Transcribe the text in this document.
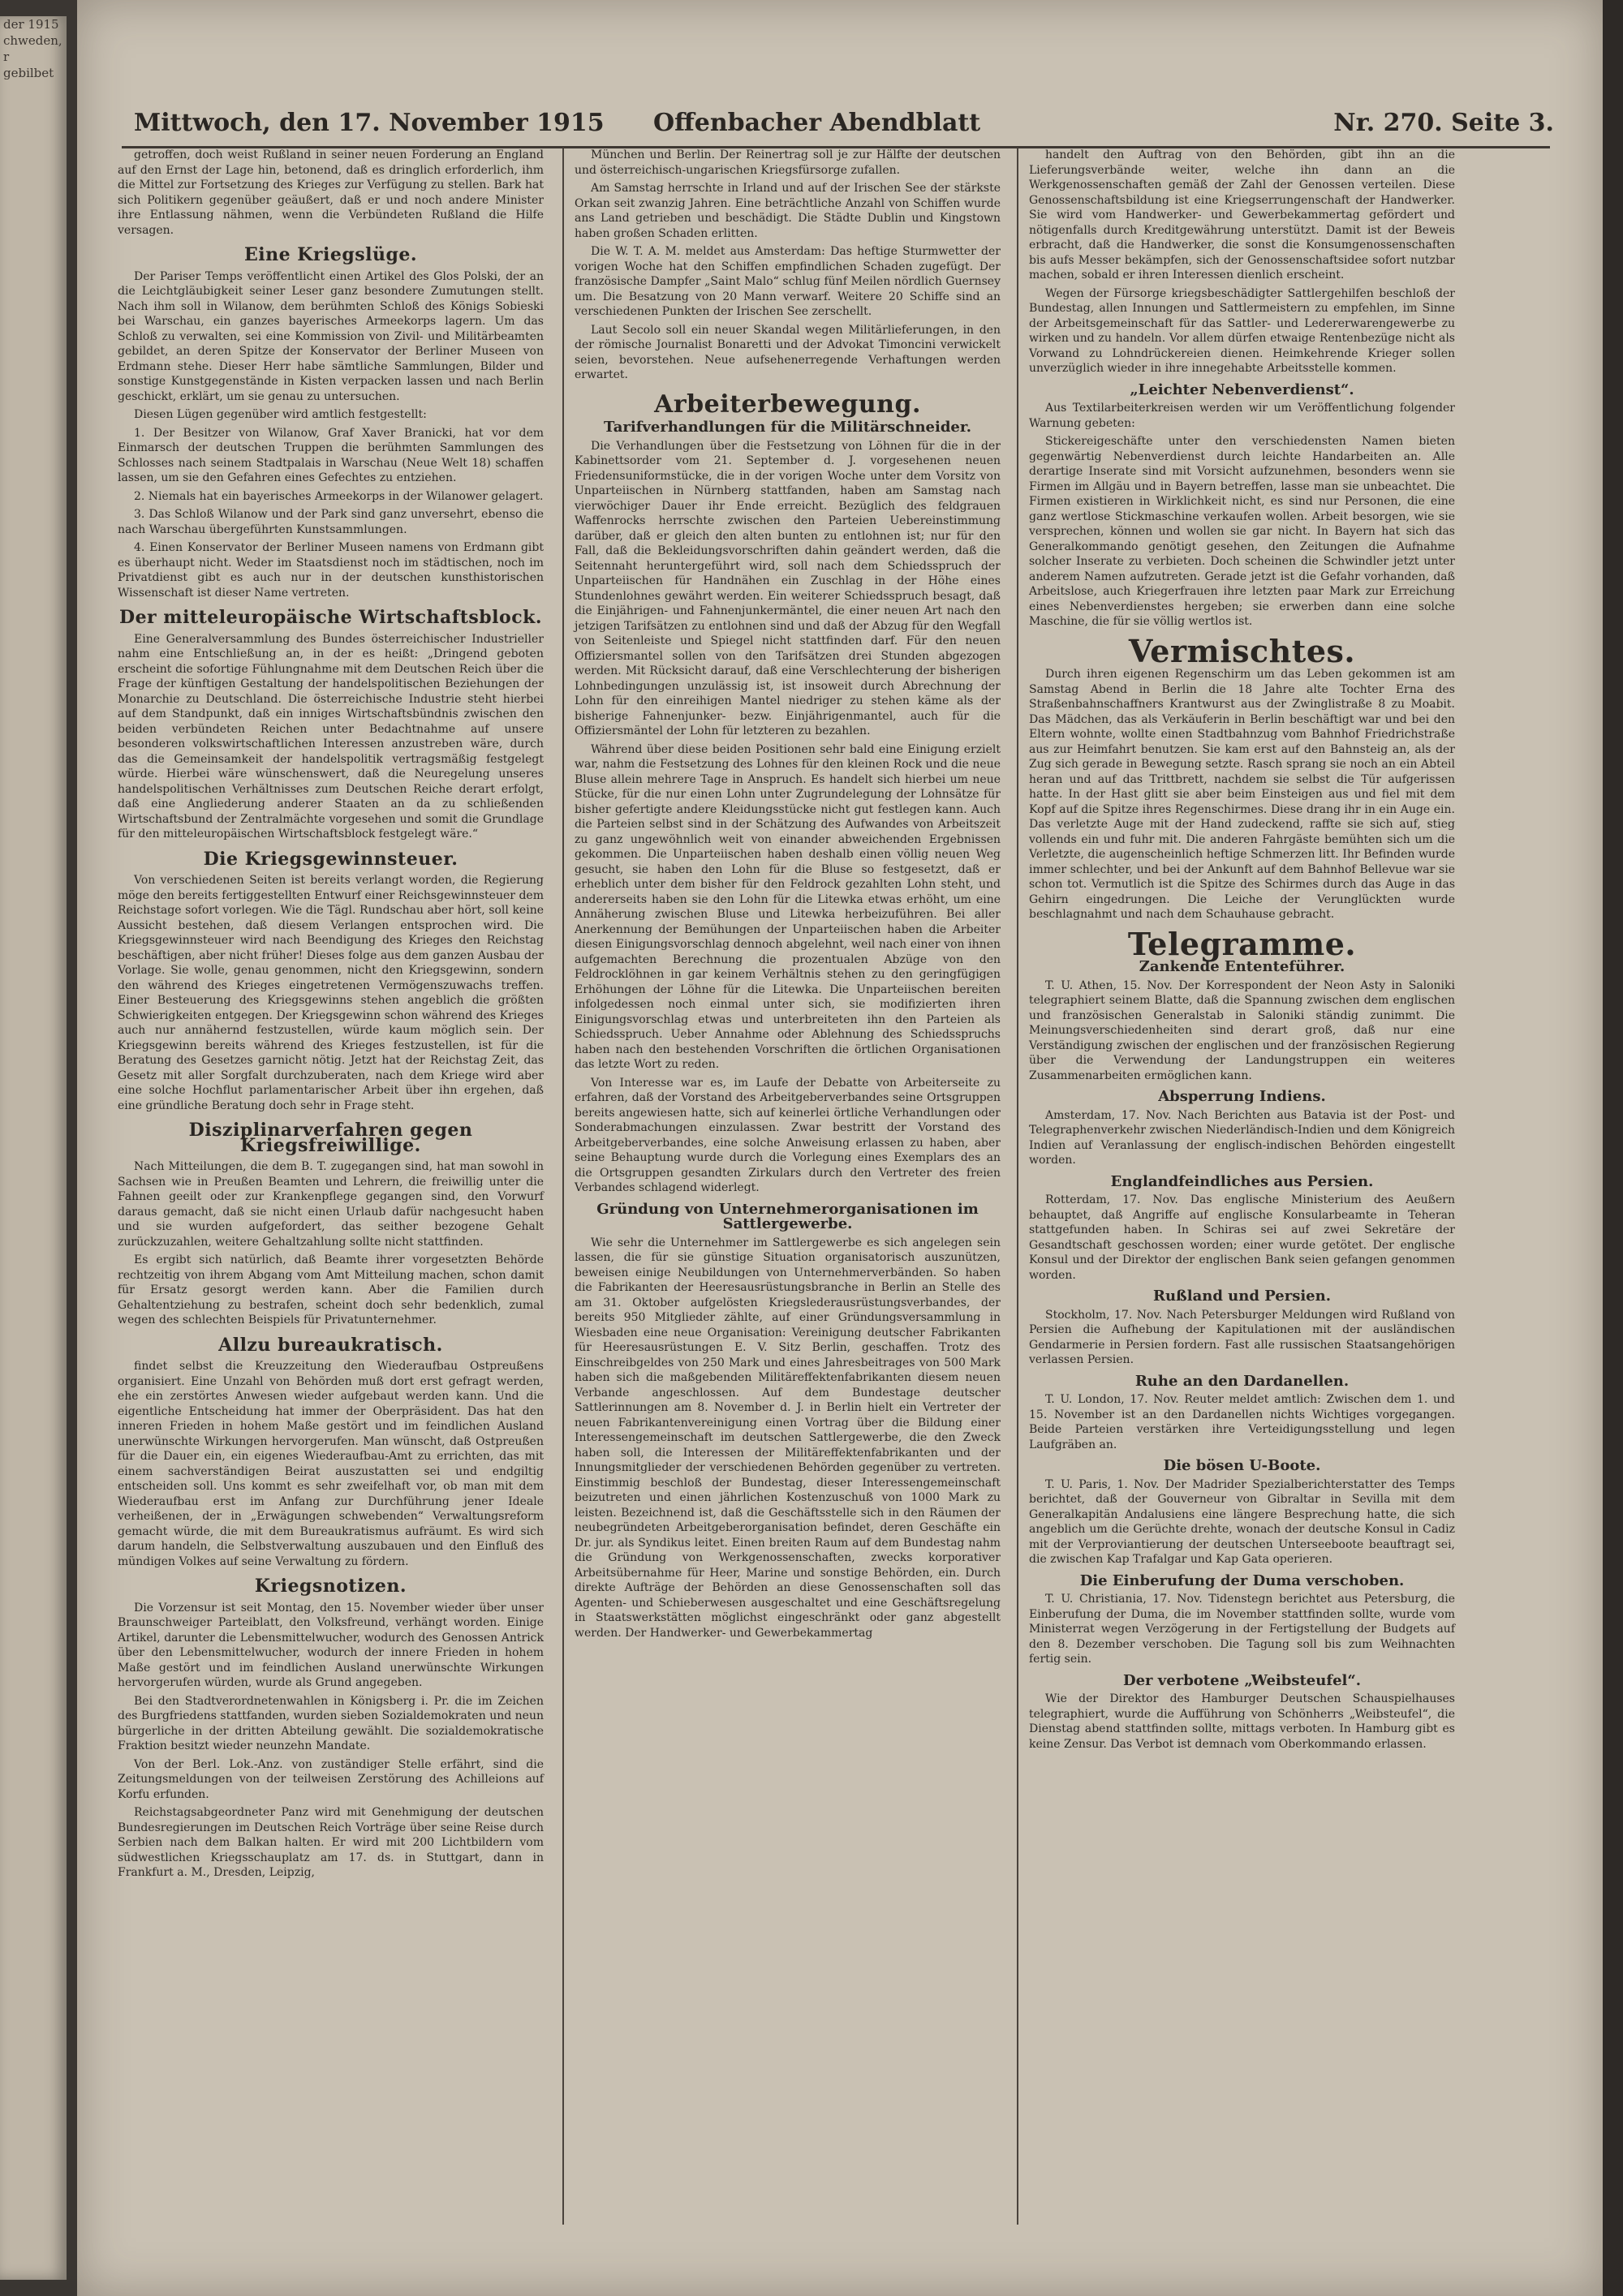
der 1915
chweden,
r
gebilbet
Mittwoch, den 17. November 1915 Offenbacher Abendblatt	Nr. 270. Seite 3.

getroffen, doch weist Rußland in seiner neuen Forderung an England auf den Ernst der Lage hin, betonend, daß es dringlich erforderlich, ihm die Mittel zur Fortsetzung des Krieges zur Verfügung zu stellen. Bark hat sich Politikern gegenüber geäußert, daß er und noch andere Minister ihre Entlassung nähmen, wenn die Verbündeten Rußland die Hilfe versagen.

Eine Kriegslüge.

Der Pariser Temps veröffentlicht einen Artikel des Glos Polski, der an die Leichtgläubigkeit seiner Leser ganz besondere Zumutungen stellt. Nach ihm soll in Wilanow, dem berühmten Schloß des Königs Sobieski bei Warschau, ein ganzes bayerisches Armeekorps lagern. Um das Schloß zu verwalten, sei eine Kommission von Zivil- und Militärbeamten gebildet, an deren Spitze der Konservator der Berliner Museen von Erdmann stehe. Dieser Herr habe sämtliche Sammlungen, Bilder und sonstige Kunstgegenstände in Kisten verpacken lassen und nach Berlin geschickt, erklärt, um sie genau zu untersuchen.

Diesen Lügen gegenüber wird amtlich festgestellt:

1. Der Besitzer von Wilanow, Graf Xaver Branicki, hat vor dem Einmarsch der deutschen Truppen die berühmten Sammlungen des Schlosses nach seinem Stadtpalais in Warschau (Neue Welt 18) schaffen lassen, um sie den Gefahren eines Gefechtes zu entziehen.

2. Niemals hat ein bayerisches Armeekorps in der Wilanower gelagert.

3. Das Schloß Wilanow und der Park sind ganz unversehrt, ebenso die nach Warschau übergeführten Kunstsammlungen.

4. Einen Konservator der Berliner Museen namens von Erdmann gibt es überhaupt nicht. Weder im Staatsdienst noch im städtischen, noch im Privatdienst gibt es auch nur in der deutschen kunsthistorischen Wissenschaft ist dieser Name vertreten.

Der mitteleuropäische Wirtschaftsblock.

Eine Generalversammlung des Bundes österreichischer Industrieller nahm eine Entschließung an, in der es heißt: „Dringend geboten erscheint die sofortige Fühlungnahme mit dem Deutschen Reich über die Frage der künftigen Gestaltung der handelspolitischen Beziehungen der Monarchie zu Deutschland. Die österreichische Industrie steht hierbei auf dem Standpunkt, daß ein inniges Wirtschaftsbündnis zwischen den beiden verbündeten Reichen unter Bedachtnahme auf unsere besonderen volkswirtschaftlichen Interessen anzustreben wäre, durch das die Gemeinsamkeit der handelspolitik vertragsmäßig festgelegt würde. Hierbei wäre wünschenswert, daß die Neuregelung unseres handelspolitischen Verhältnisses zum Deutschen Reiche derart erfolgt, daß eine Angliederung anderer Staaten an da zu schließenden Wirtschaftsbund der Zentralmächte vorgesehen und somit die Grundlage für den mitteleuropäischen Wirtschaftsblock festgelegt wäre.“

Die Kriegsgewinnsteuer.

Von verschiedenen Seiten ist bereits verlangt worden, die Regierung möge den bereits fertiggestellten Entwurf einer Reichsgewinnsteuer dem Reichstage sofort vorlegen. Wie die Tägl. Rundschau aber hört, soll keine Aussicht bestehen, daß diesem Verlangen entsprochen wird. Die Kriegsgewinnsteuer wird nach Beendigung des Krieges den Reichstag beschäftigen, aber nicht früher! Dieses folge aus dem ganzen Ausbau der Vorlage. Sie wolle, genau genommen, nicht den Kriegsgewinn, sondern den während des Krieges eingetretenen Vermögenszuwachs treffen. Einer Besteuerung des Kriegsgewinns stehen angeblich die größten Schwierigkeiten entgegen. Der Kriegsgewinn schon während des Krieges auch nur annähernd festzustellen, würde kaum möglich sein. Der Kriegsgewinn bereits während des Krieges festzustellen, ist für die Beratung des Gesetzes garnicht nötig. Jetzt hat der Reichstag Zeit, das Gesetz mit aller Sorgfalt durchzuberaten, nach dem Kriege wird aber eine solche Hochflut parlamentarischer Arbeit über ihn ergehen, daß eine gründliche Beratung doch sehr in Frage steht.

Disziplinarverfahren gegen Kriegsfreiwillige.

Nach Mitteilungen, die dem B. T. zugegangen sind, hat man sowohl in Sachsen wie in Preußen Beamten und Lehrern, die freiwillig unter die Fahnen geeilt oder zur Krankenpflege gegangen sind, den Vorwurf daraus gemacht, daß sie nicht einen Urlaub dafür nachgesucht haben und sie wurden aufgefordert, das seither bezogene Gehalt zurückzuzahlen, weitere Gehaltzahlung sollte nicht stattfinden.

Es ergibt sich natürlich, daß Beamte ihrer vorgesetzten Behörde rechtzeitig von ihrem Abgang vom Amt Mitteilung machen, schon damit für Ersatz gesorgt werden kann. Aber die Familien durch Gehaltentziehung zu bestrafen, scheint doch sehr bedenklich, zumal wegen des schlechten Beispiels für Privatunternehmer.

Allzu bureaukratisch.

findet selbst die Kreuzzeitung den Wiederaufbau Ostpreußens organisiert. Eine Unzahl von Behörden muß dort erst gefragt werden, ehe ein zerstörtes Anwesen wieder aufgebaut werden kann. Und die eigentliche Entscheidung hat immer der Oberpräsident. Das hat den inneren Frieden in hohem Maße gestört und im feindlichen Ausland unerwünschte Wirkungen hervorgerufen. Man wünscht, daß Ostpreußen für die Dauer ein, ein eigenes Wiederaufbau-Amt zu errichten, das mit einem sachverständigen Beirat auszustatten sei und endgiltig entscheiden soll. Uns kommt es sehr zweifelhaft vor, ob man mit dem Wiederaufbau erst im Anfang zur Durchführung jener Ideale verheißenen, der in „Erwägungen schwebenden“ Verwaltungsreform gemacht würde, die mit dem Bureaukratismus aufräumt. Es wird sich darum handeln, die Selbstverwaltung auszubauen und den Einfluß des mündigen Volkes auf seine Verwaltung zu fördern.

Kriegsnotizen.

Die Vorzensur ist seit Montag, den 15. November wieder über unser Braunschweiger Parteiblatt, den Volksfreund, verhängt worden. Einige Artikel, darunter die Lebensmittelwucher, wodurch des Genossen Antrick über den Lebensmittelwucher, wodurch der innere Frieden in hohem Maße gestört und im feindlichen Ausland unerwünschte Wirkungen hervorgerufen würden, wurde als Grund angegeben.

Bei den Stadtverordnetenwahlen in Königsberg i. Pr. die im Zeichen des Burgfriedens stattfanden, wurden sieben Sozialdemokraten und neun bürgerliche in der dritten Abteilung gewählt. Die sozialdemokratische Fraktion besitzt wieder neunzehn Mandate.

Von der Berl. Lok.-Anz. von zuständiger Stelle erfährt, sind die Zeitungsmeldungen von der teilweisen Zerstörung des Achilleions auf Korfu erfunden.

Reichstagsabgeordneter Panz wird mit Genehmigung der deutschen Bundesregierungen im Deutschen Reich Vorträge über seine Reise durch Serbien nach dem Balkan halten. Er wird mit 200 Lichtbildern vom südwestlichen Kriegsschauplatz am 17. ds. in Stuttgart, dann in Frankfurt a. M., Dresden, Leipzig,

München und Berlin. Der Reinertrag soll je zur Hälfte der deutschen und österreichisch-ungarischen Kriegsfürsorge zufallen.

Am Samstag herrschte in Irland und auf der Irischen See der stärkste Orkan seit zwanzig Jahren. Eine beträchtliche Anzahl von Schiffen wurde ans Land getrieben und beschädigt. Die Städte Dublin und Kingstown haben großen Schaden erlitten.

Die W. T. A. M. meldet aus Amsterdam: Das heftige Sturmwetter der vorigen Woche hat den Schiffen empfindlichen Schaden zugefügt. Der französische Dampfer „Saint Malo“ schlug fünf Meilen nördlich Guernsey um. Die Besatzung von 20 Mann verwarf. Weitere 20 Schiffe sind an verschiedenen Punkten der Irischen See zerschellt.

Laut Secolo soll ein neuer Skandal wegen Militärlieferungen, in den der römische Journalist Bonaretti und der Advokat Timoncini verwickelt seien, bevorstehen. Neue aufsehenerregende Verhaftungen werden erwartet.

Arbeiterbewegung.
Tarifverhandlungen für die Militärschneider.

Die Verhandlungen über die Festsetzung von Löhnen für die in der Kabinettsorder vom 21. September d. J. vorgesehenen neuen Friedensuniformstücke, die in der vorigen Woche unter dem Vorsitz von Unparteiischen in Nürnberg stattfanden, haben am Samstag nach vierwöchiger Dauer ihr Ende erreicht. Bezüglich des feldgrauen Waffenrocks herrschte zwischen den Parteien Uebereinstimmung darüber, daß er gleich den alten bunten zu entlohnen ist; nur für den Fall, daß die Bekleidungsvorschriften dahin geändert werden, daß die Seitennaht heruntergeführt wird, soll nach dem Schiedsspruch der Unparteiischen für Handnähen ein Zuschlag in der Höhe eines Stundenlohnes gewährt werden. Ein weiterer Schiedsspruch besagt, daß die Einjährigen- und Fahnenjunkermäntel, die einer neuen Art nach den jetzigen Tarifsätzen zu entlohnen sind und daß der Abzug für den Wegfall von Seitenleiste und Spiegel nicht stattfinden darf. Für den neuen Offiziersmantel sollen von den Tarifsätzen drei Stunden abgezogen werden. Mit Rücksicht darauf, daß eine Verschlechterung der bisherigen Lohnbedingungen unzulässig ist, ist insoweit durch Abrechnung der Lohn für den einreihigen Mantel niedriger zu stehen käme als der bisherige Fahnenjunker- bezw. Einjährigenmantel, auch für die Offiziersmäntel der Lohn für letzteren zu bezahlen.

Während über diese beiden Positionen sehr bald eine Einigung erzielt war, nahm die Festsetzung des Lohnes für den kleinen Rock und die neue Bluse allein mehrere Tage in Anspruch. Es handelt sich hierbei um neue Stücke, für die nur einen Lohn unter Zugrundelegung der Lohnsätze für bisher gefertigte andere Kleidungsstücke nicht gut festlegen kann. Auch die Parteien selbst sind in der Schätzung des Aufwandes von Arbeitszeit zu ganz ungewöhnlich weit von einander abweichenden Ergebnissen gekommen. Die Unparteiischen haben deshalb einen völlig neuen Weg gesucht, sie haben den Lohn für die Bluse so festgesetzt, daß er erheblich unter dem bisher für den Feldrock gezahlten Lohn steht, und andererseits haben sie den Lohn für die Litewka etwas erhöht, um eine Annäherung zwischen Bluse und Litewka herbeizuführen. Bei aller Anerkennung der Bemühungen der Unparteiischen haben die Arbeiter diesen Einigungsvorschlag dennoch abgelehnt, weil nach einer von ihnen aufgemachten Berechnung die prozentualen Abzüge von den Feldrocklöhnen in gar keinem Verhältnis stehen zu den geringfügigen Erhöhungen der Löhne für die Litewka. Die Unparteiischen bereiten infolgedessen noch einmal unter sich, sie modifizierten ihren Einigungsvorschlag etwas und unterbreiteten ihn den Parteien als Schiedsspruch. Ueber Annahme oder Ablehnung des Schiedsspruchs haben nach den bestehenden Vorschriften die örtlichen Organisationen das letzte Wort zu reden.

Von Interesse war es, im Laufe der Debatte von Arbeiterseite zu erfahren, daß der Vorstand des Arbeitgeberverbandes seine Ortsgruppen bereits angewiesen hatte, sich auf keinerlei örtliche Verhandlungen oder Sonderabmachungen einzulassen. Zwar bestritt der Vorstand des Arbeitgeberverbandes, eine solche Anweisung erlassen zu haben, aber seine Behauptung wurde durch die Vorlegung eines Exemplars des an die Ortsgruppen gesandten Zirkulars durch den Vertreter des freien Verbandes schlagend widerlegt.

Gründung von Unternehmerorganisationen im Sattlergewerbe.

Wie sehr die Unternehmer im Sattlergewerbe es sich angelegen sein lassen, die für sie günstige Situation organisatorisch auszunützen, beweisen einige Neubildungen von Unternehmerverbänden. So haben die Fabrikanten der Heeresausrüstungsbranche in Berlin an Stelle des am 31. Oktober aufgelösten Kriegslederausrüstungsverbandes, der bereits 950 Mitglieder zählte, auf einer Gründungsversammlung in Wiesbaden eine neue Organisation: Vereinigung deutscher Fabrikanten für Heeresausrüstungen E. V. Sitz Berlin, geschaffen. Trotz des Einschreibgeldes von 250 Mark und eines Jahresbeitrages von 500 Mark haben sich die maßgebenden Militäreffektenfabrikanten diesem neuen Verbande angeschlossen. Auf dem Bundestage deutscher Sattlerinnungen am 8. November d. J. in Berlin hielt ein Vertreter der neuen Fabrikantenvereinigung einen Vortrag über die Bildung einer Interessengemeinschaft im deutschen Sattlergewerbe, die den Zweck haben soll, die Interessen der Militäreffektenfabrikanten und der Innungsmitglieder der verschiedenen Behörden gegenüber zu vertreten. Einstimmig beschloß der Bundestag, dieser Interessengemeinschaft beizutreten und einen jährlichen Kostenzuschuß von 1000 Mark zu leisten. Bezeichnend ist, daß die Geschäftsstelle sich in den Räumen der neubegründeten Arbeitgeberorganisation befindet, deren Geschäfte ein Dr. jur. als Syndikus leitet. Einen breiten Raum auf dem Bundestag nahm die Gründung von Werkgenossenschaften, zwecks korporativer Arbeitsübernahme für Heer, Marine und sonstige Behörden, ein. Durch direkte Aufträge der Behörden an diese Genossenschaften soll das Agenten- und Schieberwesen ausgeschaltet und eine Geschäftsregelung in Staatswerkstätten möglichst eingeschränkt oder ganz abgestellt werden. Der Handwerker- und Gewerbekammertag

handelt den Auftrag von den Behörden, gibt ihn an die Lieferungsverbände weiter, welche ihn dann an die Werkgenossenschaften gemäß der Zahl der Genossen verteilen. Diese Genossenschaftsbildung ist eine Kriegserrungenschaft der Handwerker. Sie wird vom Handwerker- und Gewerbekammertag gefördert und nötigenfalls durch Kreditgewährung unterstützt. Damit ist der Beweis erbracht, daß die Handwerker, die sonst die Konsumgenossenschaften bis aufs Messer bekämpfen, sich der Genossenschaftsidee sofort nutzbar machen, sobald er ihren Interessen dienlich erscheint.

Wegen der Fürsorge kriegsbeschädigter Sattlergehilfen beschloß der Bundestag, allen Innungen und Sattlermeistern zu empfehlen, im Sinne der Arbeitsgemeinschaft für das Sattler- und Ledererwarengewerbe zu wirken und zu handeln. Vor allem dürfen etwaige Rentenbezüge nicht als Vorwand zu Lohndrückereien dienen. Heimkehrende Krieger sollen unverzüglich wieder in ihre innegehabte Arbeitsstelle kommen.

„Leichter Nebenverdienst“.

Aus Textilarbeiterkreisen werden wir um Veröffentlichung folgender Warnung gebeten:

Stickereigeschäfte unter den verschiedensten Namen bieten gegenwärtig Nebenverdienst durch leichte Handarbeiten an. Alle derartige Inserate sind mit Vorsicht aufzunehmen, besonders wenn sie Firmen im Allgäu und in Bayern betreffen, lasse man sie unbeachtet. Die Firmen existieren in Wirklichkeit nicht, es sind nur Personen, die eine ganz wertlose Stickmaschine verkaufen wollen. Arbeit besorgen, wie sie versprechen, können und wollen sie gar nicht. In Bayern hat sich das Generalkommando genötigt gesehen, den Zeitungen die Aufnahme solcher Inserate zu verbieten. Doch scheinen die Schwindler jetzt unter anderem Namen aufzutreten. Gerade jetzt ist die Gefahr vorhanden, daß Arbeitslose, auch Kriegerfrauen ihre letzten paar Mark zur Erreichung eines Nebenverdienstes hergeben; sie erwerben dann eine solche Maschine, die für sie völlig wertlos ist.

Vermischtes.

Durch ihren eigenen Regenschirm um das Leben gekommen ist am Samstag Abend in Berlin die 18 Jahre alte Tochter Erna des Straßenbahnschaffners Krantwurst aus der Zwinglistraße 8 zu Moabit. Das Mädchen, das als Verkäuferin in Berlin beschäftigt war und bei den Eltern wohnte, wollte einen Stadtbahnzug vom Bahnhof Friedrichstraße aus zur Heimfahrt benutzen. Sie kam erst auf den Bahnsteig an, als der Zug sich gerade in Bewegung setzte. Rasch sprang sie noch an ein Abteil heran und auf das Trittbrett, nachdem sie selbst die Tür aufgerissen hatte. In der Hast glitt sie aber beim Einsteigen aus und fiel mit dem Kopf auf die Spitze ihres Regenschirmes. Diese drang ihr in ein Auge ein. Das verletzte Auge mit der Hand zudeckend, raffte sie sich auf, stieg vollends ein und fuhr mit. Die anderen Fahrgäste bemühten sich um die Verletzte, die augenscheinlich heftige Schmerzen litt. Ihr Befinden wurde immer schlechter, und bei der Ankunft auf dem Bahnhof Bellevue war sie schon tot. Vermutlich ist die Spitze des Schirmes durch das Auge in das Gehirn eingedrungen. Die Leiche der Verunglückten wurde beschlagnahmt und nach dem Schauhause gebracht.

Telegramme.
Zankende Ententeführer.

T. U. Athen, 15. Nov. Der Korrespondent der Neon Asty in Saloniki telegraphiert seinem Blatte, daß die Spannung zwischen dem englischen und französischen Generalstab in Saloniki ständig zunimmt. Die Meinungsverschiedenheiten sind derart groß, daß nur eine Verständigung zwischen der englischen und der französischen Regierung über die Verwendung der Landungstruppen ein weiteres Zusammenarbeiten ermöglichen kann.

Absperrung Indiens.

Amsterdam, 17. Nov. Nach Berichten aus Batavia ist der Post- und Telegraphenverkehr zwischen Niederländisch-Indien und dem Königreich Indien auf Veranlassung der englisch-indischen Behörden eingestellt worden.

Englandfeindliches aus Persien.

Rotterdam, 17. Nov. Das englische Ministerium des Aeußern behauptet, daß Angriffe auf englische Konsularbeamte in Teheran stattgefunden haben. In Schiras sei auf zwei Sekretäre der Gesandtschaft geschossen worden; einer wurde getötet. Der englische Konsul und der Direktor der englischen Bank seien gefangen genommen worden.

Rußland und Persien.

Stockholm, 17. Nov. Nach Petersburger Meldungen wird Rußland von Persien die Aufhebung der Kapitulationen mit der ausländischen Gendarmerie in Persien fordern. Fast alle russischen Staatsangehörigen verlassen Persien.

Ruhe an den Dardanellen.

T. U. London, 17. Nov. Reuter meldet amtlich: Zwischen dem 1. und 15. November ist an den Dardanellen nichts Wichtiges vorgegangen. Beide Parteien verstärken ihre Verteidigungsstellung und legen Laufgräben an.

Die bösen U-Boote.

T. U. Paris, 1. Nov. Der Madrider Spezialberichterstatter des Temps berichtet, daß der Gouverneur von Gibraltar in Sevilla mit dem Generalkapitän Andalusiens eine längere Besprechung hatte, die sich angeblich um die Gerüchte drehte, wonach der deutsche Konsul in Cadiz mit der Verproviantierung der deutschen Unterseeboote beauftragt sei, die zwischen Kap Trafalgar und Kap Gata operieren.

Die Einberufung der Duma verschoben.

T. U. Christiania, 17. Nov. Tidenstegn berichtet aus Petersburg, die Einberufung der Duma, die im November stattfinden sollte, wurde vom Ministerrat wegen Verzögerung in der Fertigstellung der Budgets auf den 8. Dezember verschoben. Die Tagung soll bis zum Weihnachten fertig sein.

Der verbotene „Weibsteufel“.

Wie der Direktor des Hamburger Deutschen Schauspielhauses telegraphiert, wurde die Aufführung von Schönherrs „Weibsteufel“, die Dienstag abend stattfinden sollte, mittags verboten. In Hamburg gibt es keine Zensur. Das Verbot ist demnach vom Oberkommando erlassen.
